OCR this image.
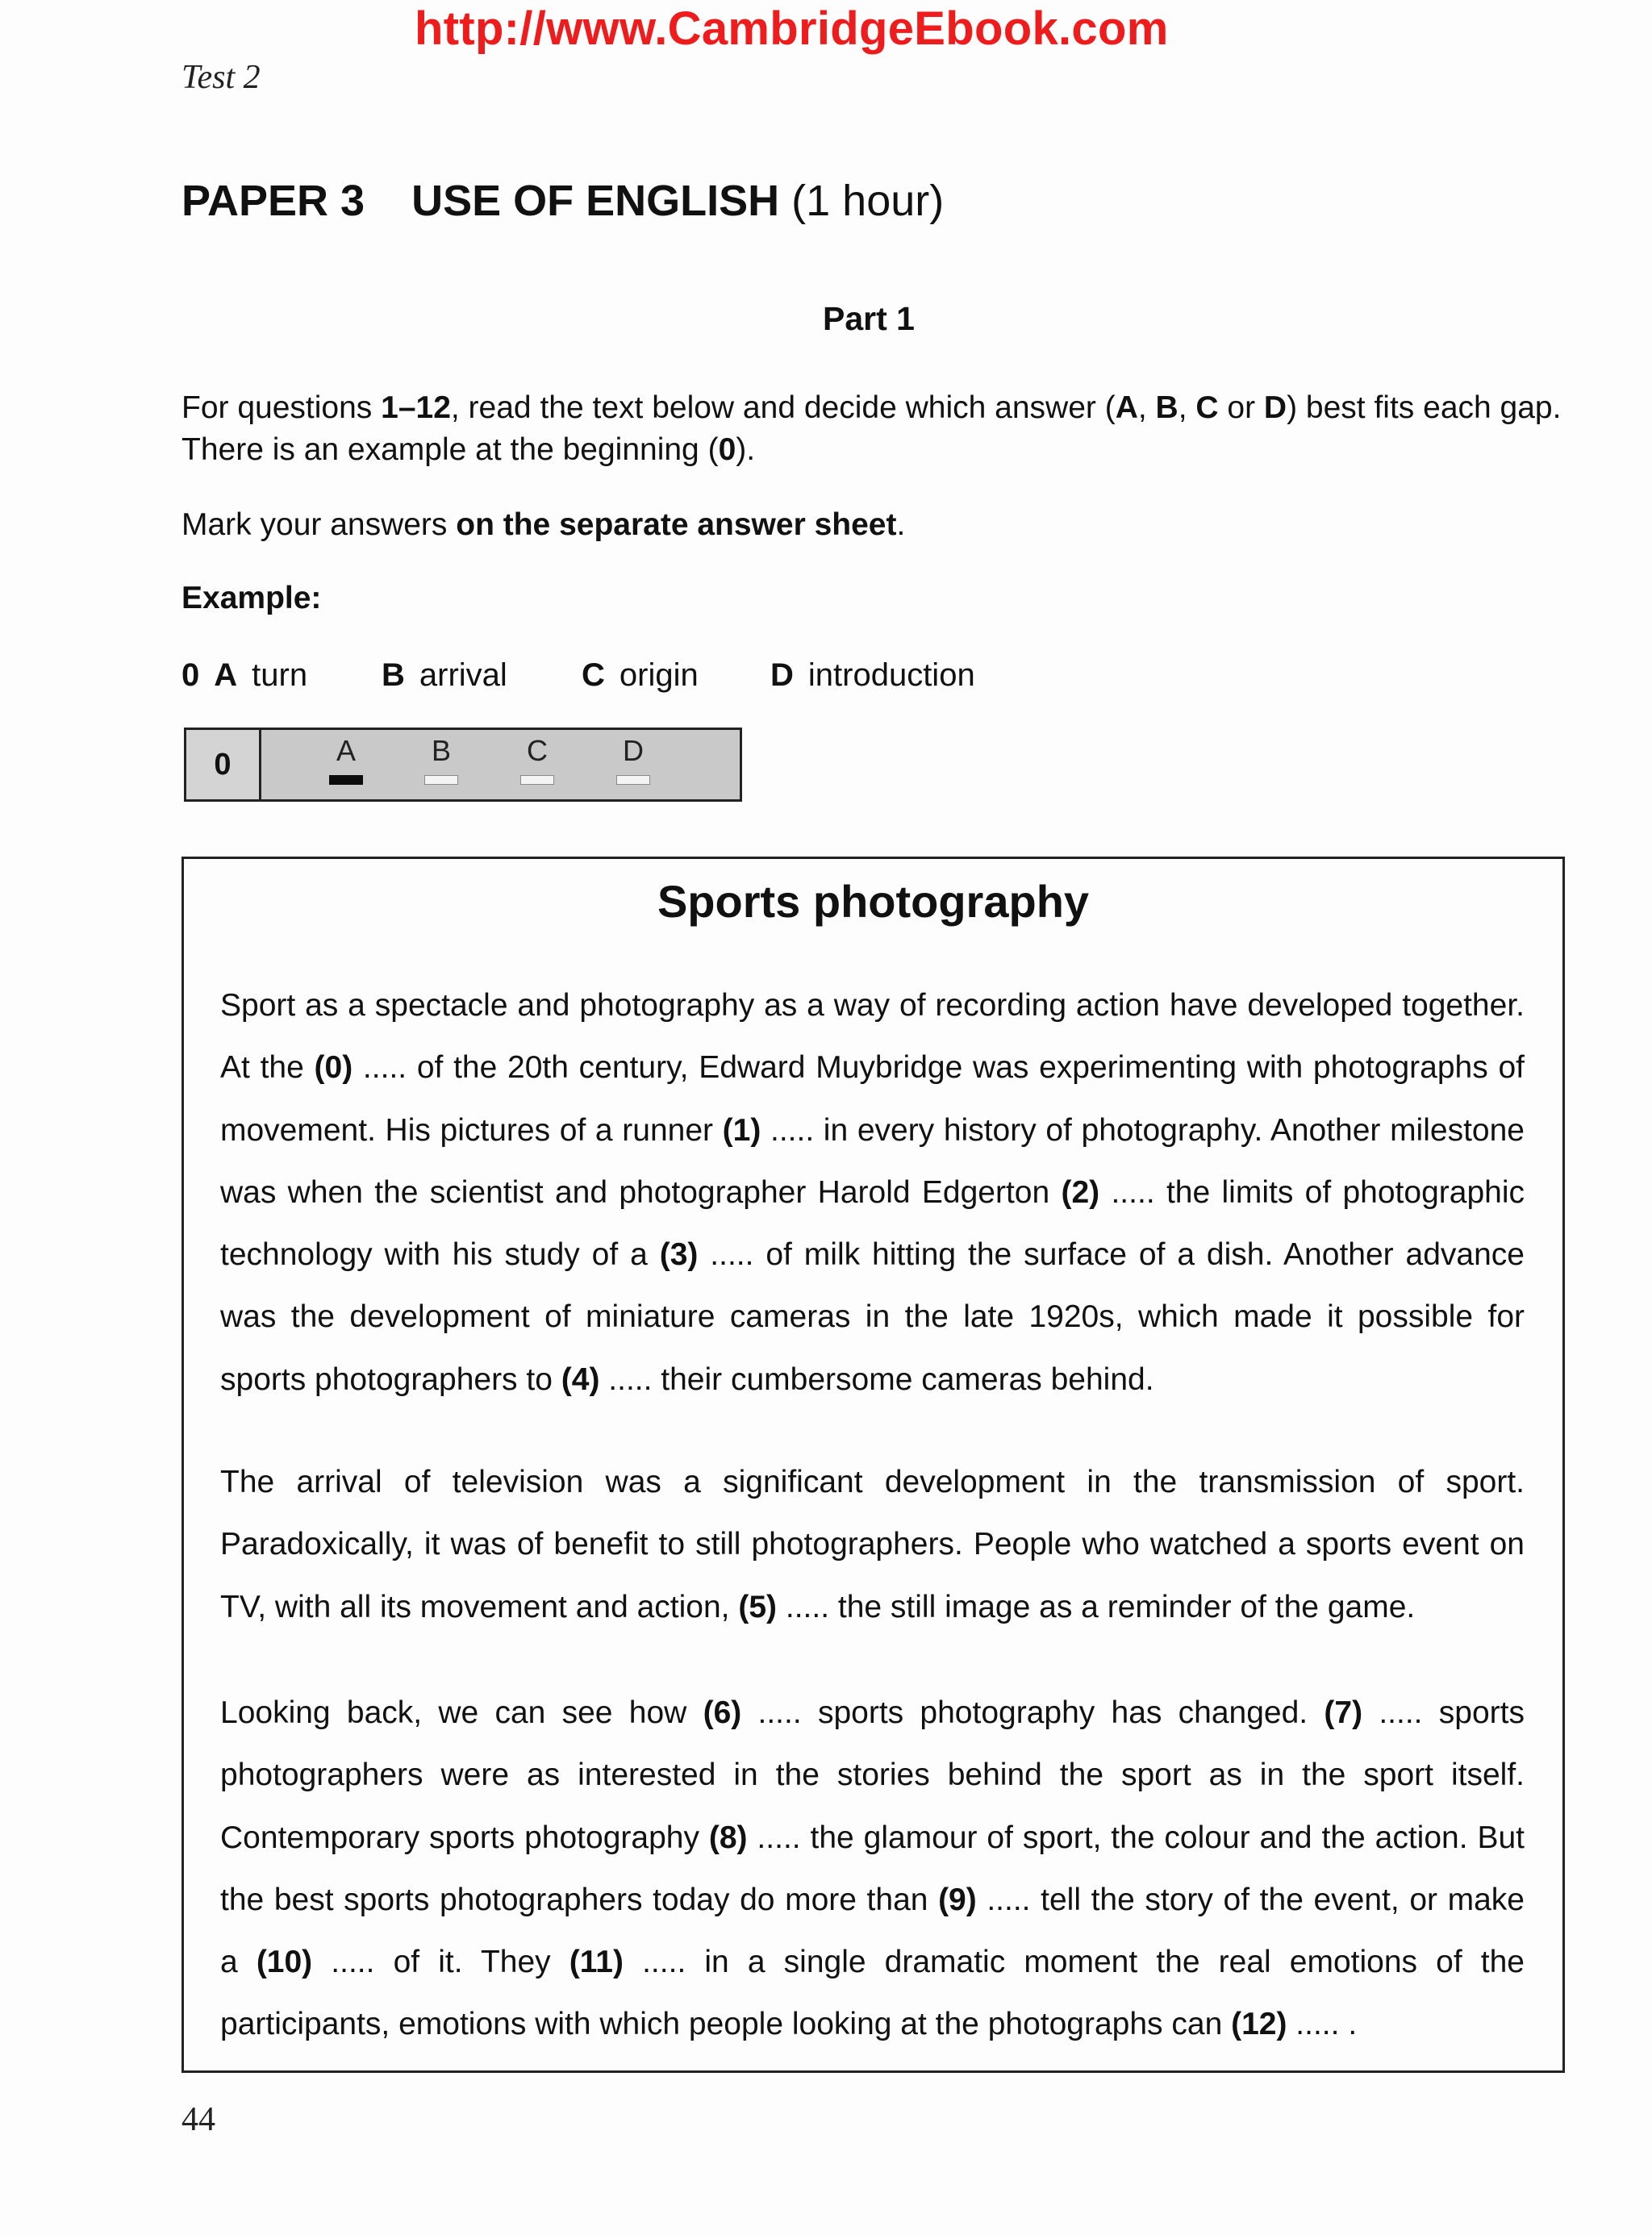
http://www.CambridgeEbook.com
Test 2
PAPER 3 USE OF ENGLISH (1 hour)
Part 1
For questions 1–12, read the text below and decide which answer (A, B, C or D) best fits each gap.
There is an example at the beginning (0).
Mark your answers on the separate answer sheet.
Example:
0 A turn B arrival C origin D introduction
0	A	B	C	D
Sports photography

Sport as a spectacle and photography as a way of recording action have developed together. At the (0) ..... of the 20th century, Edward Muybridge was experimenting with photographs of movement. His pictures of a runner (1) ..... in every history of photography. Another milestone was when the scientist and photographer Harold Edgerton (2) ..... the limits of photographic technology with his study of a (3) ..... of milk hitting the surface of a dish. Another advance was the development of miniature cameras in the late 1920s, which made it possible for sports photographers to (4) ..... their cumbersome cameras behind.

The arrival of television was a significant development in the transmission of sport. Paradoxically, it was of benefit to still photographers. People who watched a sports event on TV, with all its movement and action, (5) ..... the still image as a reminder of the game.

Looking back, we can see how (6) ..... sports photography has changed. (7) ..... sports photographers were as interested in the stories behind the sport as in the sport itself. Contemporary sports photography (8) ..... the glamour of sport, the colour and the action. But the best sports photographers today do more than (9) ..... tell the story of the event, or make a (10) ..... of it. They (11) ..... in a single dramatic moment the real emotions of the participants, emotions with which people looking at the photographs can (12) ..... .

44
